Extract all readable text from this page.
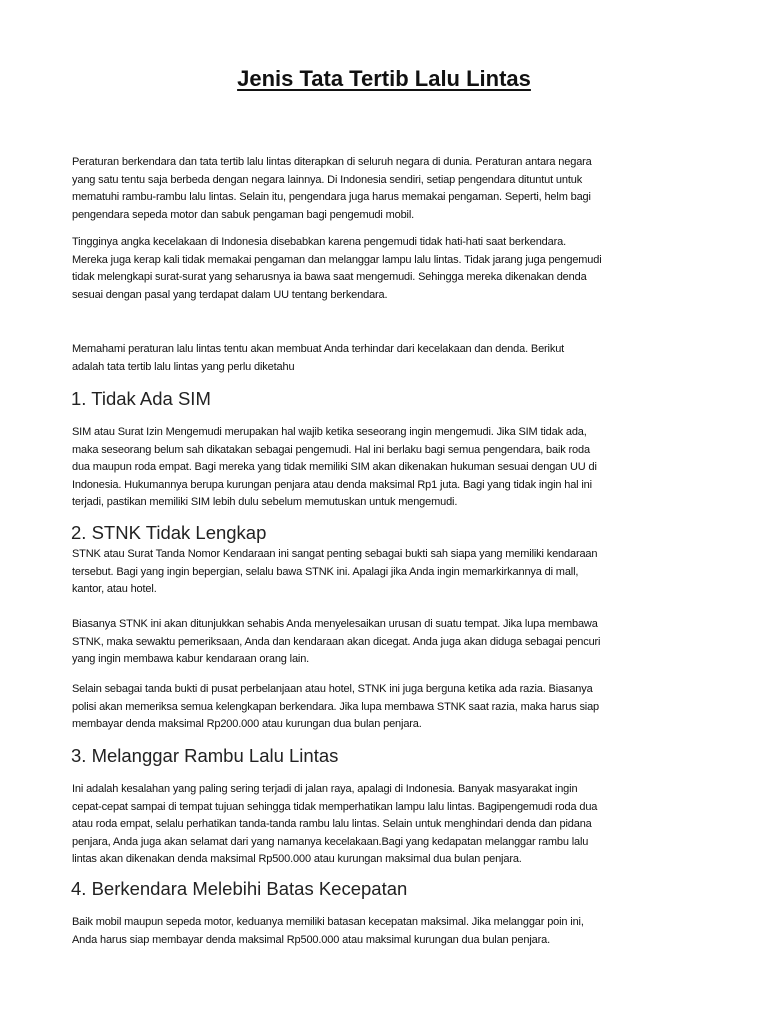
Jenis Tata Tertib Lalu Lintas
Peraturan berkendara dan tata tertib lalu lintas diterapkan di seluruh negara di dunia. Peraturan antara negara
yang satu tentu saja berbeda dengan negara lainnya. Di Indonesia sendiri, setiap pengendara dituntut untuk
mematuhi rambu-rambu lalu lintas. Selain itu, pengendara juga harus memakai pengaman. Seperti, helm bagi
pengendara sepeda motor dan sabuk pengaman bagi pengemudi mobil.
Tingginya angka kecelakaan di Indonesia disebabkan karena pengemudi tidak hati-hati saat berkendara.
Mereka juga kerap kali tidak memakai pengaman dan melanggar lampu lalu lintas. Tidak jarang juga pengemudi
tidak melengkapi surat-surat yang seharusnya ia bawa saat mengemudi. Sehingga mereka dikenakan denda
sesuai dengan pasal yang terdapat dalam UU tentang berkendara.
Memahami peraturan lalu lintas tentu akan membuat Anda terhindar dari kecelakaan dan denda. Berikut
adalah tata tertib lalu lintas yang perlu diketahu
1. Tidak Ada SIM
SIM atau Surat Izin Mengemudi merupakan hal wajib ketika seseorang ingin mengemudi. Jika SIM tidak ada,
maka seseorang belum sah dikatakan sebagai pengemudi. Hal ini berlaku bagi semua pengendara, baik roda
dua maupun roda empat. Bagi mereka yang tidak memiliki SIM akan dikenakan hukuman sesuai dengan UU di
Indonesia. Hukumannya berupa kurungan penjara atau denda maksimal Rp1 juta. Bagi yang tidak ingin hal ini
terjadi, pastikan memiliki SIM lebih dulu sebelum memutuskan untuk mengemudi.
2. STNK Tidak Lengkap
STNK atau Surat Tanda Nomor Kendaraan ini sangat penting sebagai bukti sah siapa yang memiliki kendaraan
tersebut. Bagi yang ingin bepergian, selalu bawa STNK ini. Apalagi jika Anda ingin memarkirkannya di mall,
kantor, atau hotel.
Biasanya STNK ini akan ditunjukkan sehabis Anda menyelesaikan urusan di suatu tempat. Jika lupa membawa
STNK, maka sewaktu pemeriksaan, Anda dan kendaraan akan dicegat. Anda juga akan diduga sebagai pencuri
yang ingin membawa kabur kendaraan orang lain.
Selain sebagai tanda bukti di pusat perbelanjaan atau hotel, STNK ini juga berguna ketika ada razia. Biasanya
polisi akan memeriksa semua kelengkapan berkendara. Jika lupa membawa STNK saat razia, maka harus siap
membayar denda maksimal Rp200.000 atau kurungan dua bulan penjara.
3. Melanggar Rambu Lalu Lintas
Ini adalah kesalahan yang paling sering terjadi di jalan raya, apalagi di Indonesia. Banyak masyarakat ingin
cepat-cepat sampai di tempat tujuan sehingga tidak memperhatikan lampu lalu lintas. Bagipengemudi roda dua
atau roda empat, selalu perhatikan tanda-tanda rambu lalu lintas. Selain untuk menghindari denda dan pidana
penjara, Anda juga akan selamat dari yang namanya kecelakaan.Bagi yang kedapatan melanggar rambu lalu
lintas akan dikenakan denda maksimal Rp500.000 atau kurungan maksimal dua bulan penjara.
4. Berkendara Melebihi Batas Kecepatan
Baik mobil maupun sepeda motor, keduanya memiliki batasan kecepatan maksimal. Jika melanggar poin ini,
Anda harus siap membayar denda maksimal Rp500.000 atau maksimal kurungan dua bulan penjara.
